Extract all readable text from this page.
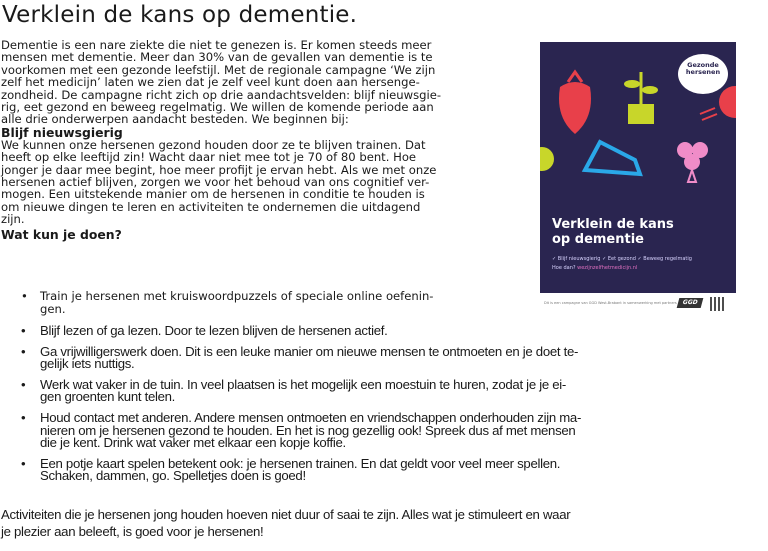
Verklein de kans op dementie.
Dementie is een nare ziekte die niet te genezen is. Er komen steeds meer
mensen met dementie. Meer dan 30% van de gevallen van dementie is te
voorkomen met een gezonde leefstijl. Met de regionale campagne ‘We zijn
zelf het medicijn’ laten we zien dat je zelf veel kunt doen aan hersenge-
zondheid. De campagne richt zich op drie aandachtsvelden: blijf nieuwsgie-
rig, eet gezond en beweeg regelmatig. We willen de komende periode aan
alle drie onderwerpen aandacht besteden. We beginnen bij:
Blijf nieuwsgierig
We kunnen onze hersenen gezond houden door ze te blijven trainen. Dat
heeft op elke leeftijd zin! Wacht daar niet mee tot je 70 of 80 bent. Hoe
jonger je daar mee begint, hoe meer profijt je ervan hebt. Als we met onze
hersenen actief blijven, zorgen we voor het behoud van ons cognitief ver-
mogen. Een uitstekende manier om de hersenen in conditie te houden is
om nieuwe dingen te leren en activiteiten te ondernemen die uitdagend
zijn.
Wat kun je doen?
• Train je hersenen met kruiswoordpuzzels of speciale online oefenin-
gen.
• Blijf lezen of ga lezen. Door te lezen blijven de hersenen actief.
• Ga vrijwilligerswerk doen. Dit is een leuke manier om nieuwe mensen te ontmoeten en je doet te-
gelijk iets nuttigs.
• Werk wat vaker in de tuin. In veel plaatsen is het mogelijk een moestuin te huren, zodat je je ei-
gen groenten kunt telen.
• Houd contact met anderen. Andere mensen ontmoeten en vriendschappen onderhouden zijn ma-
nieren om je hersenen gezond te houden. En het is nog gezellig ook! Spreek dus af met mensen
die je kent. Drink wat vaker met elkaar een kopje koffie.
• Een potje kaart spelen betekent ook: je hersenen trainen. En dat geldt voor veel meer spellen.
Schaken, dammen, go. Spelletjes doen is goed!
Activiteiten die je hersenen jong houden hoeven niet duur of saai te zijn. Alles wat je stimuleert en waar
je plezier aan beleeft, is goed voor je hersenen!
Gezonde hersenen
Verklein de kans
op dementie
✓ Blijf nieuwsgierig ✓ Eet gezond ✓ Beweeg regelmatig
Hoe dan? wezijnzelfhetmedicijn.nl
Dit is een campagne van GGD West-Brabant in samenwerking met partners GGD
